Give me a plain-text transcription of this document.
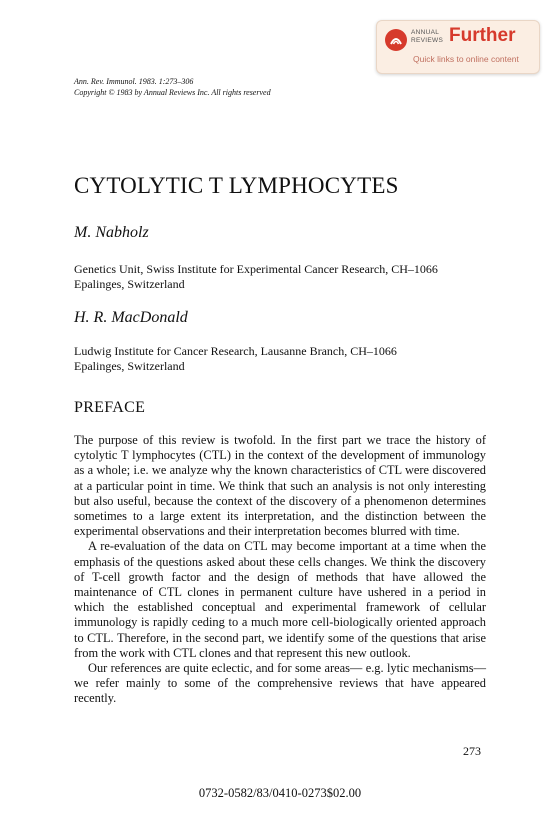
ANNUAL
REVIEWS Further
Quick links to online content
Ann. Rev. Immunol. 1983. 1:273–306
Copyright © 1983 by Annual Reviews Inc. All rights reserved
CYTOLYTIC T LYMPHOCYTES
M. Nabholz
Genetics Unit, Swiss Institute for Experimental Cancer Research, CH–1066
Epalinges, Switzerland
H. R. MacDonald
Ludwig Institute for Cancer Research, Lausanne Branch, CH–1066
Epalinges, Switzerland
PREFACE

The purpose of this review is twofold. In the first part we trace the history of cytolytic T lymphocytes (CTL) in the context of the development of immunology as a whole; i.e. we analyze why the known characteristics of CTL were discovered at a particular point in time. We think that such an analysis is not only interesting but also useful, because the context of the discovery of a phenomenon determines sometimes to a large extent its interpretation, and the distinction between the experimental observations and their interpretation becomes blurred with time.

A re-evaluation of the data on CTL may become important at a time when the emphasis of the questions asked about these cells changes. We think the discovery of T-cell growth factor and the design of methods that have allowed the maintenance of CTL clones in permanent culture have ushered in a period in which the established conceptual and experimental framework of cellular immunology is rapidly ceding to a much more cell-biologically oriented approach to CTL. Therefore, in the second part, we identify some of the questions that arise from the work with CTL clones and that represent this new outlook.

Our references are quite eclectic, and for some areas— e.g. lytic mechanisms— we refer mainly to some of the comprehensive reviews that have appeared recently.

273
0732-0582/83/0410-0273$02.00
